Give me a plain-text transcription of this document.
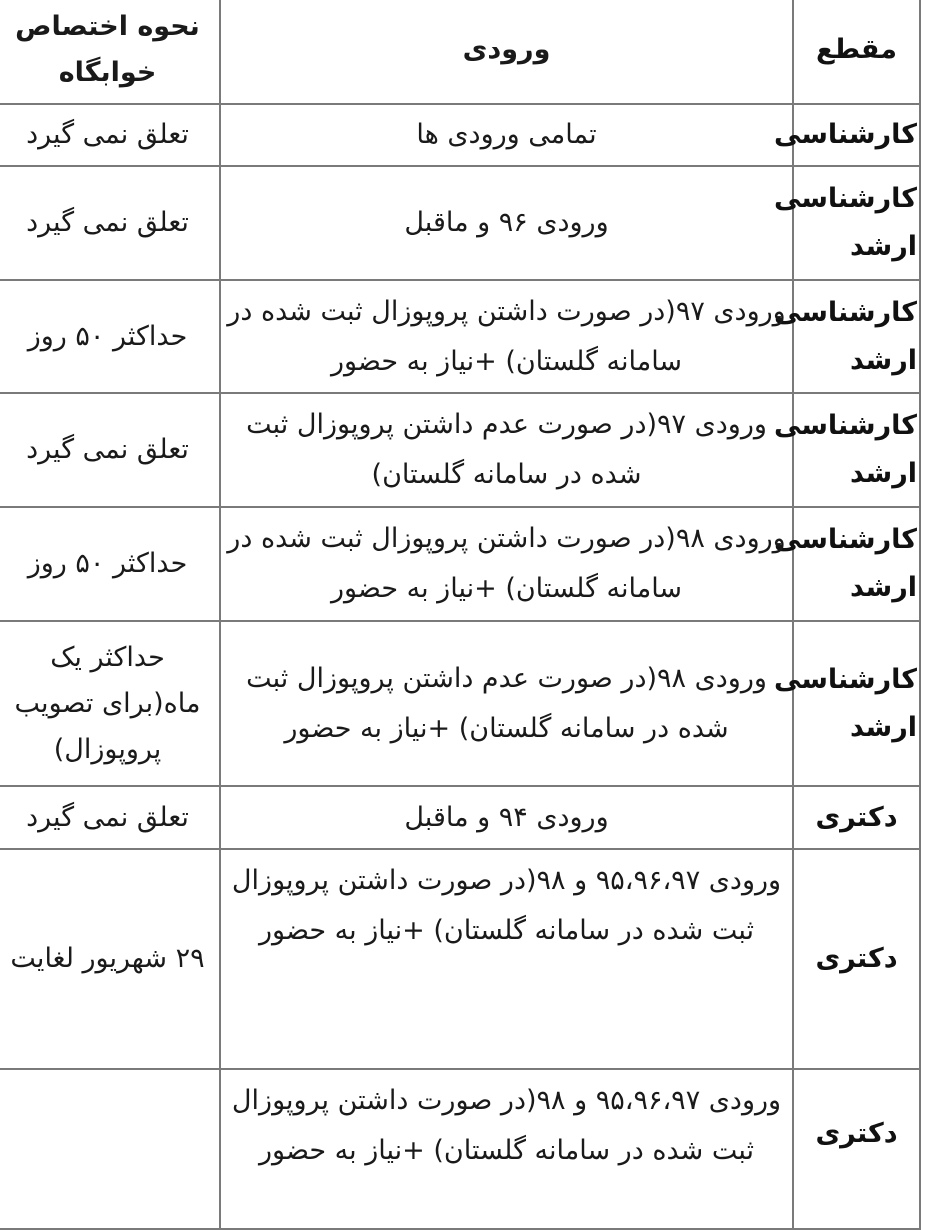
مقطع	ورودی	نحوه اختصاص خوابگاه
کارشناسی	تمامی ورودی ها	تعلق نمی گیرد
کارشناسی ارشد	ورودی ۹۶ و ماقبل	تعلق نمی گیرد
کارشناسی ارشد	ورودی ۹۷(در صورت داشتن پروپوزال ثبت شده در سامانه گلستان) +نیاز به حضور	حداکثر ۵۰ روز
کارشناسی ارشد	ورودی ۹۷(در صورت عدم داشتن پروپوزال ثبت شده در سامانه گلستان)	تعلق نمی گیرد
کارشناسی ارشد	ورودی ۹۸(در صورت داشتن پروپوزال ثبت شده در سامانه گلستان) +نیاز به حضور	حداکثر ۵۰ روز
کارشناسی ارشد	ورودی ۹۸(در صورت عدم داشتن پروپوزال ثبت شده در سامانه گلستان) +نیاز به حضور	حداکثر یک ماه(برای تصویب پروپوزال)
دکتری	ورودی ۹۴ و ماقبل	تعلق نمی گیرد
دکتری	ورودی ۹۵،۹۶،۹۷ و ۹۸(در صورت داشتن پروپوزال ثبت شده در سامانه گلستان) +نیاز به حضور	۲۹ شهریور لغایت
دکتری	ورودی ۹۵،۹۶،۹۷ و ۹۸(در صورت داشتن پروپوزال ثبت شده در سامانه گلستان) +نیاز به حضور	
